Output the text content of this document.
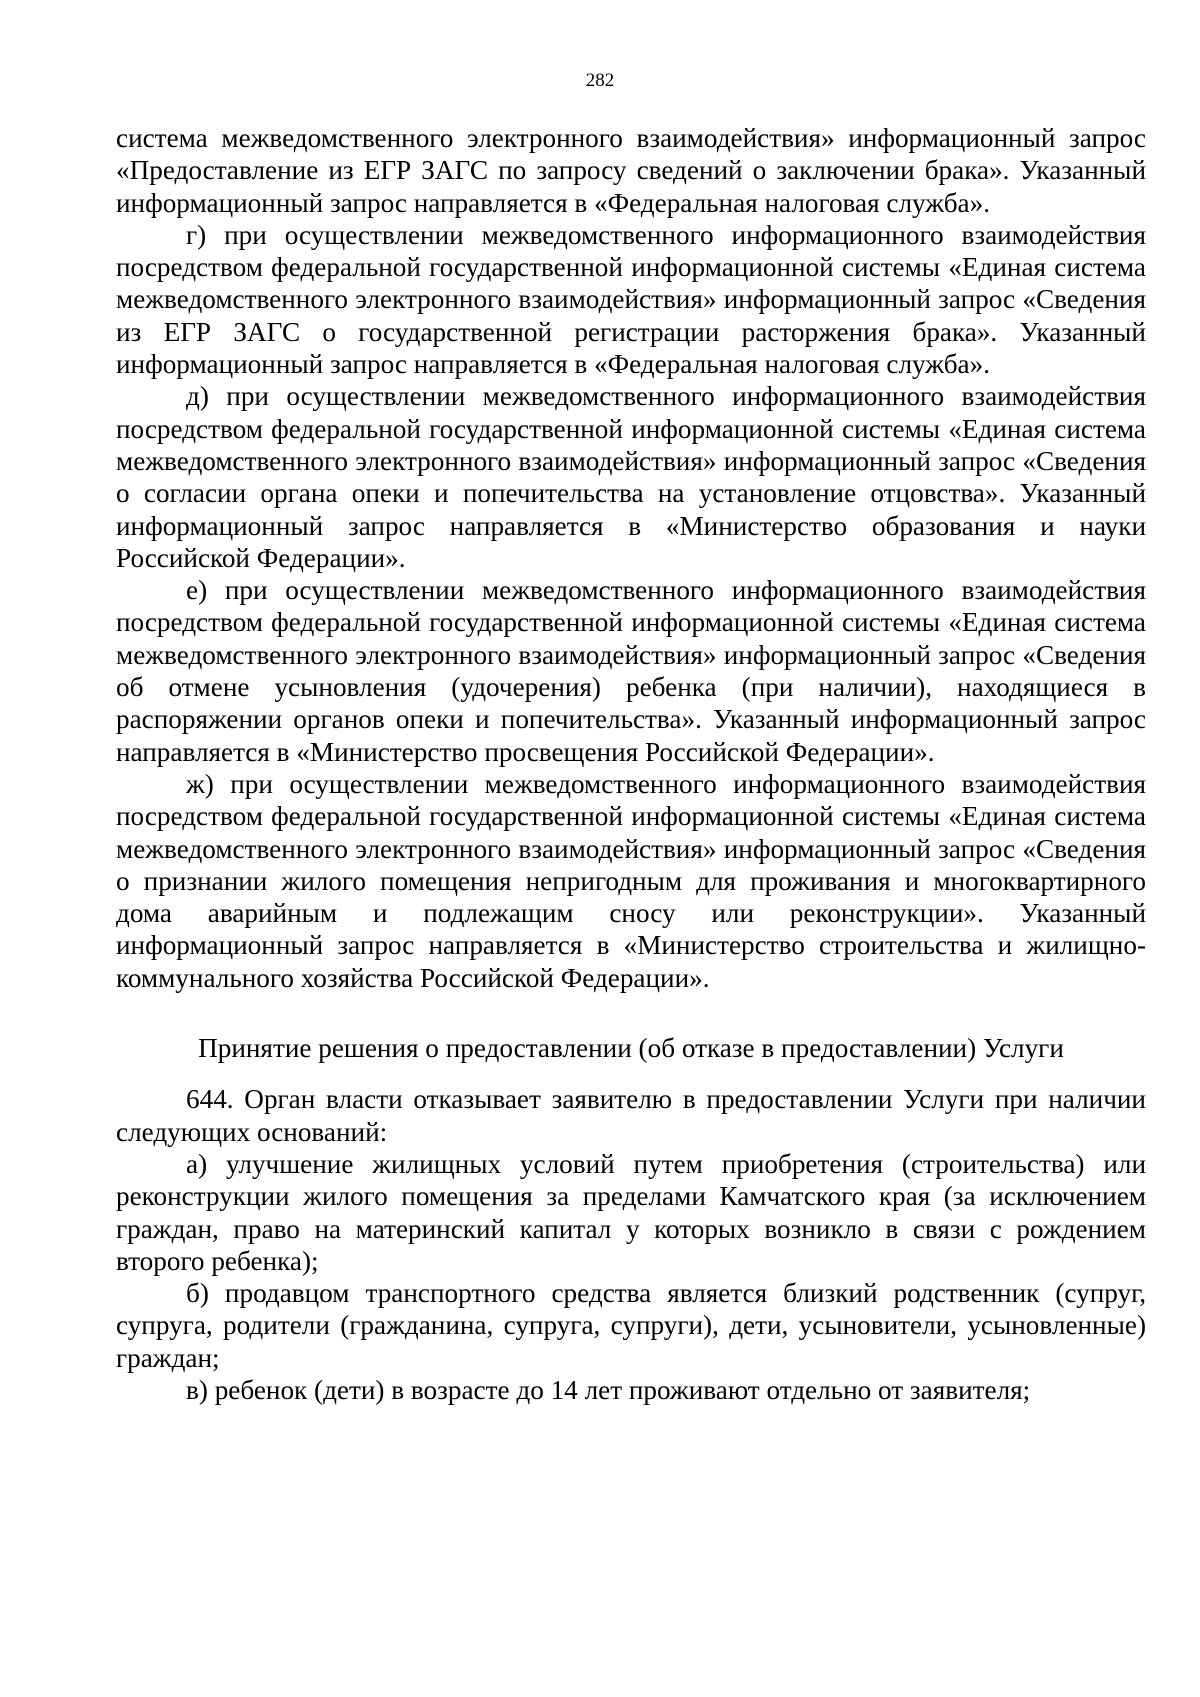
282

система межведомственного электронного взаимодействия» информационный запрос «Предоставление из ЕГР ЗАГС по запросу сведений о заключении брака». Указанный информационный запрос направляется в «Федеральная налоговая служба».

г) при осуществлении межведомственного информационного взаимодействия посредством федеральной государственной информационной системы «Единая система межведомственного электронного взаимодействия» информационный запрос «Сведения из ЕГР ЗАГС о государственной регистрации расторжения брака». Указанный информационный запрос направляется в «Федеральная налоговая служба».

д) при осуществлении межведомственного информационного взаимодействия посредством федеральной государственной информационной системы «Единая система межведомственного электронного взаимодействия» информационный запрос «Сведения о согласии органа опеки и попечительства на установление отцовства». Указанный информационный запрос направляется в «Министерство образования и науки Российской Федерации».

е) при осуществлении межведомственного информационного взаимодействия посредством федеральной государственной информационной системы «Единая система межведомственного электронного взаимодействия» информационный запрос «Сведения об отмене усыновления (удочерения) ребенка (при наличии), находящиеся в распоряжении органов опеки и попечительства». Указанный информационный запрос направляется в «Министерство просвещения Российской Федерации».

ж) при осуществлении межведомственного информационного взаимодействия посредством федеральной государственной информационной системы «Единая система межведомственного электронного взаимодействия» информационный запрос «Сведения о признании жилого помещения непригодным для проживания и многоквартирного дома аварийным и подлежащим сносу или реконструкции». Указанный информационный запрос направляется в «Министерство строительства и жилищно-коммунального хозяйства Российской Федерации».

Принятие решения о предоставлении (об отказе в предоставлении) Услуги

644. Орган власти отказывает заявителю в предоставлении Услуги при наличии следующих оснований:

а) улучшение жилищных условий путем приобретения (строительства) или реконструкции жилого помещения за пределами Камчатского края (за исключением граждан, право на материнский капитал у которых возникло в связи с рождением второго ребенка);

б) продавцом транспортного средства является близкий родственник (супруг, супруга, родители (гражданина, супруга, супруги), дети, усыновители, усыновленные) граждан;

в) ребенок (дети) в возрасте до 14 лет проживают отдельно от заявителя;
